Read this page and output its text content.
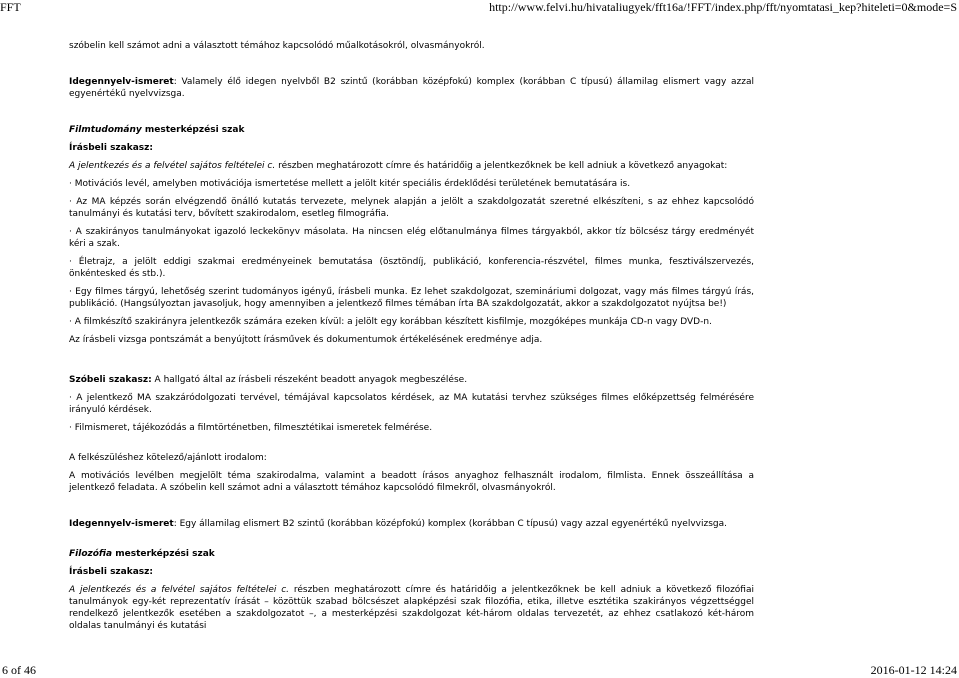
FFT	http://www.felvi.hu/hivataliugyek/fft16a/!FFT/index.php/fft/nyomtatasi_kep?hiteleti=0&mode=S

szóbelin kell számot adni a választott témához kapcsolódó műalkotásokról, olvasmányokról.

Idegennyelv-ismeret: Valamely élő idegen nyelvből B2 szintű (korábban középfokú) komplex (korábban C típusú) államilag elismert vagy azzal egyenértékű nyelvvizsga.

Filmtudomány mesterképzési szak

Írásbeli szakasz:

A jelentkezés és a felvétel sajátos feltételei c. részben meghatározott címre és határidőig a jelentkezőknek be kell adniuk a következő anyagokat:

· Motivációs levél, amelyben motivációja ismertetése mellett a jelölt kitér speciális érdeklődési területének bemutatására is.

· Az MA képzés során elvégzendő önálló kutatás tervezete, melynek alapján a jelölt a szakdolgozatát szeretné elkészíteni, s az ehhez kapcsolódó tanulmányi és kutatási terv, bővített szakirodalom, esetleg filmográfia.

· A szakirányos tanulmányokat igazoló leckekönyv másolata. Ha nincsen elég előtanulmánya filmes tárgyakból, akkor tíz bölcsész tárgy eredményét kéri a szak.

· Életrajz, a jelölt eddigi szakmai eredményeinek bemutatása (ösztöndíj, publikáció, konferencia-részvétel, filmes munka, fesztiválszervezés, önkéntesked és stb.).

· Egy filmes tárgyú, lehetőség szerint tudományos igényű, írásbeli munka. Ez lehet szakdolgozat, szemináriumi dolgozat, vagy más filmes tárgyú írás, publikáció. (Hangsúlyoztan javasoljuk, hogy amennyiben a jelentkező filmes témában írta BA szakdolgozatát, akkor a szakdolgozatot nyújtsa be!)

· A filmkészítő szakirányra jelentkezők számára ezeken kívül: a jelölt egy korábban készített kisfilmje, mozgóképes munkája CD-n vagy DVD-n.

Az írásbeli vizsga pontszámát a benyújtott írásművek és dokumentumok értékelésének eredménye adja.

Szóbeli szakasz: A hallgató által az írásbeli részeként beadott anyagok megbeszélése.

· A jelentkező MA szakzáródolgozati tervével, témájával kapcsolatos kérdések, az MA kutatási tervhez szükséges filmes előképzettség felmérésére irányuló kérdések.

· Filmismeret, tájékozódás a filmtörténetben, filmesztétikai ismeretek felmérése.

A felkészüléshez kötelező/ajánlott irodalom:

A motivációs levélben megjelölt téma szakirodalma, valamint a beadott írásos anyaghoz felhasznált irodalom, filmlista. Ennek összeállítása a jelentkező feladata. A szóbelin kell számot adni a választott témához kapcsolódó filmekről, olvasmányokról.

Idegennyelv-ismeret: Egy államilag elismert B2 szintű (korábban középfokú) komplex (korábban C típusú) vagy azzal egyenértékű nyelvvizsga.

Filozófia mesterképzési szak

Írásbeli szakasz:

A jelentkezés és a felvétel sajátos feltételei c. részben meghatározott címre és határidőig a jelentkezőknek be kell adniuk a következő filozófiai tanulmányok egy-két reprezentatív írását – közöttük szabad bölcsészet alapképzési szak filozófia, etika, illetve esztétika szakirányos végzettséggel rendelkező jelentkezők esetében a szakdolgozatot –, a mesterképzési szakdolgozat két-három oldalas tervezetét, az ehhez csatlakozó két-három oldalas tanulmányi és kutatási

6 of 46	2016-01-12 14:24
